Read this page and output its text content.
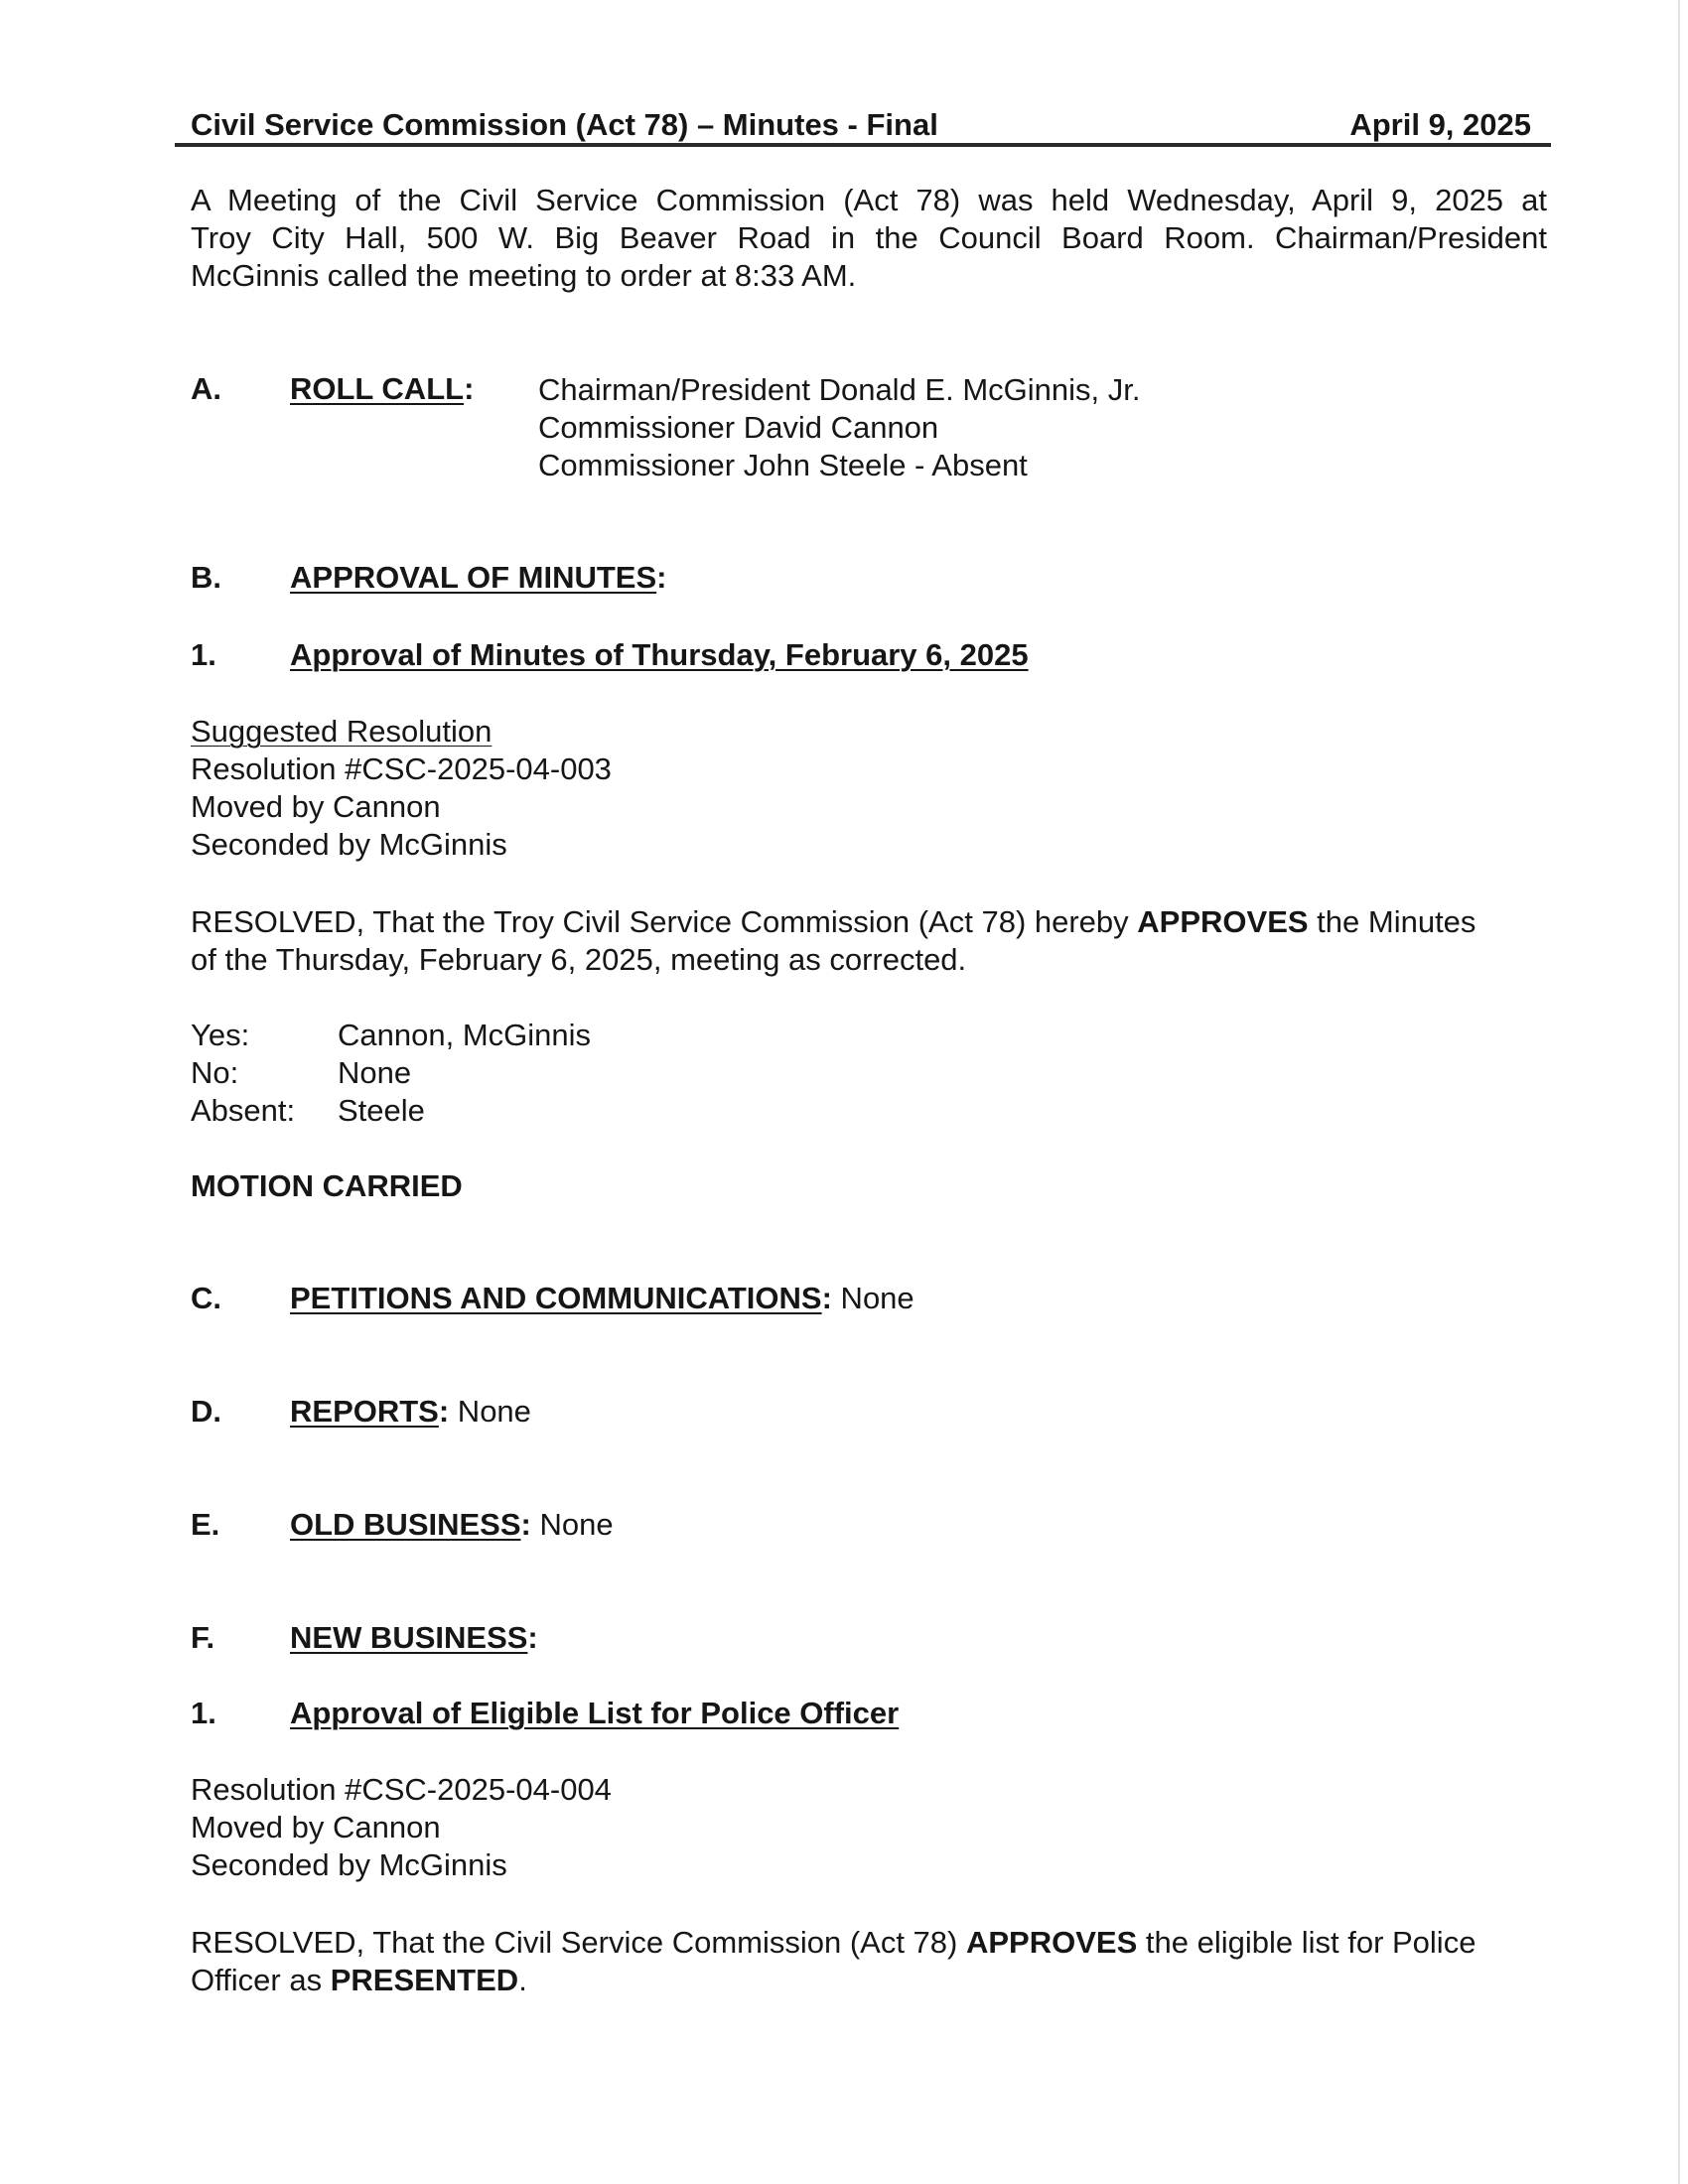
Civil Service Commission (Act 78) – Minutes - Final	April 9, 2025
A Meeting of the Civil Service Commission (Act 78) was held Wednesday, April 9, 2025 at
Troy City Hall, 500 W. Big Beaver Road in the Council Board Room. Chairman/President
McGinnis called the meeting to order at 8:33 AM.
A. ROLL CALL: Chairman/President Donald E. McGinnis, Jr.
Commissioner David Cannon
Commissioner John Steele - Absent
B. APPROVAL OF MINUTES:
1. Approval of Minutes of Thursday, February 6, 2025
Suggested Resolution
Resolution #CSC-2025-04-003
Moved by Cannon
Seconded by McGinnis
RESOLVED, That the Troy Civil Service Commission (Act 78) hereby APPROVES the Minutes
of the Thursday, February 6, 2025, meeting as corrected.
Yes:	Cannon, McGinnis
No:	None
Absent: Steele
MOTION CARRIED
C. PETITIONS AND COMMUNICATIONS: None
D. REPORTS: None
E. OLD BUSINESS: None
F. NEW BUSINESS:
1. Approval of Eligible List for Police Officer
Resolution #CSC-2025-04-004
Moved by Cannon
Seconded by McGinnis
RESOLVED, That the Civil Service Commission (Act 78) APPROVES the eligible list for Police
Officer as PRESENTED.
